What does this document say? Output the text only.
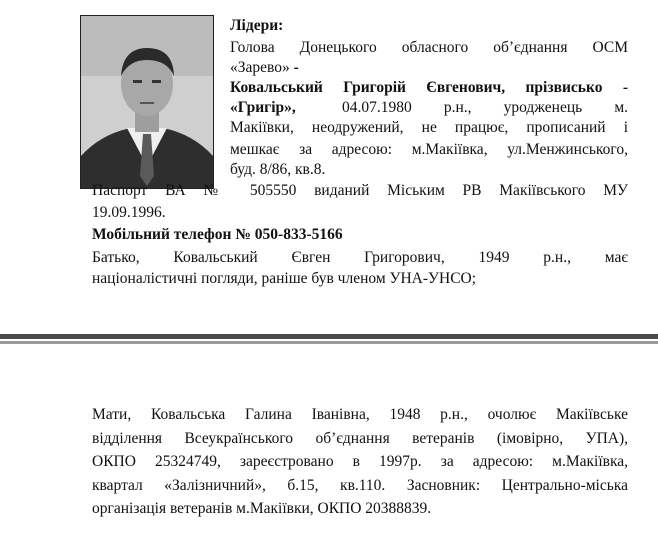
Лідери:
Голова Донецького обласного об’єднання ОСМ
«Зарево» -
Ковальський Григорій Євгенович, прізвисько -
«Григір»,	04.07.1980 р.н., уродженець м.
Макіївки, неодружений, не працює, прописаний і
мешкає за адресою: м.Макіївка, ул.Менжинського,
буд. 8/86, кв.8.
Паспорт ВА № 505550 виданий Міським РВ Макіївського МУ
19.09.1996.
Мобільний телефон № 050-833-5166
Батько, Ковальський Євген Григорович, 1949 р.н., має
націоналістичні погляди, раніше був членом УНА-УНСО;
Мати, Ковальська Галина Іванівна, 1948 р.н., очолює Макіївське
відділення Всеукраїнського об’єднання ветеранів (імовірно, УПА),
ОКПО 25324749, зареєстровано в 1997р. за адресою: м.Макіївка,
квартал «Залізничний», б.15, кв.110. Засновник: Центрально-міська
організація ветеранів м.Макіївки, ОКПО 20388839.
